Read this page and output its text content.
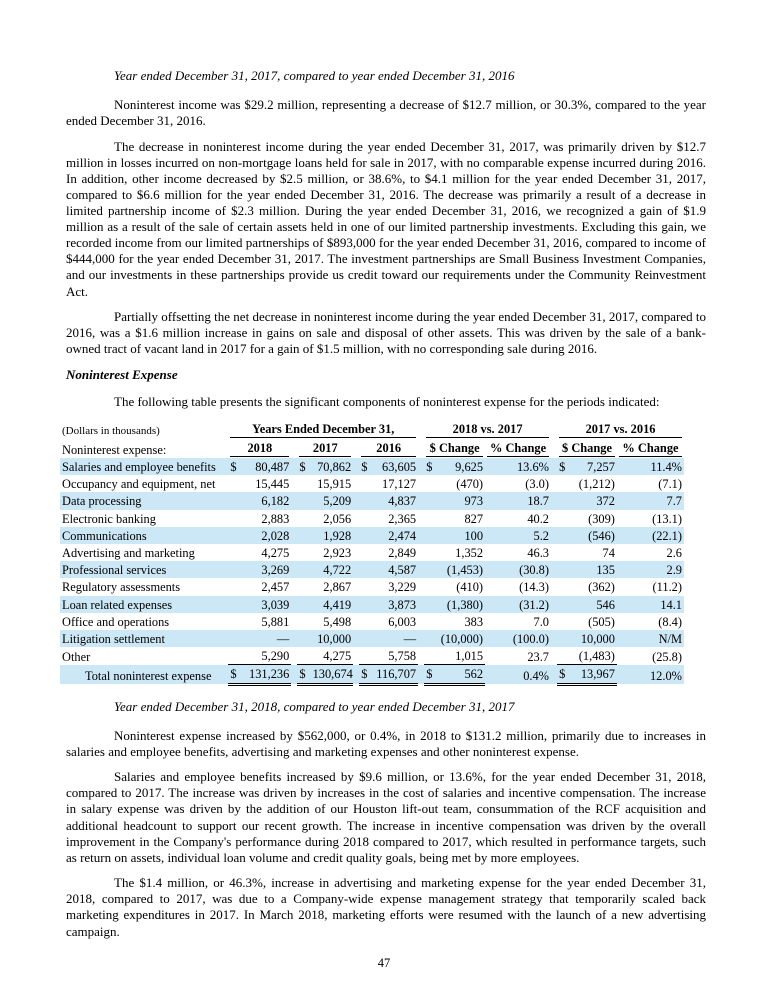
Year ended December 31, 2017, compared to year ended December 31, 2016

Noninterest income was $29.2 million, representing a decrease of $12.7 million, or 30.3%, compared to the year ended December 31, 2016.

The decrease in noninterest income during the year ended December 31, 2017, was primarily driven by $12.7 million in losses incurred on non-mortgage loans held for sale in 2017, with no comparable expense incurred during 2016. In addition, other income decreased by $2.5 million, or 38.6%, to $4.1 million for the year ended December 31, 2017, compared to $6.6 million for the year ended December 31, 2016. The decrease was primarily a result of a decrease in limited partnership income of $2.3 million. During the year ended December 31, 2016, we recognized a gain of $1.9 million as a result of the sale of certain assets held in one of our limited partnership investments. Excluding this gain, we recorded income from our limited partnerships of $893,000 for the year ended December 31, 2016, compared to income of $444,000 for the year ended December 31, 2017. The investment partnerships are Small Business Investment Companies, and our investments in these partnerships provide us credit toward our requirements under the Community Reinvestment Act.

Partially offsetting the net decrease in noninterest income during the year ended December 31, 2017, compared to 2016, was a $1.6 million increase in gains on sale and disposal of other assets. This was driven by the sale of a bank-owned tract of vacant land in 2017 for a gain of $1.5 million, with no corresponding sale during 2016.

Noninterest Expense

The following table presents the significant components of noninterest expense for the periods indicated:

(Dollars in thousands)	Years Ended December 31,									2018 vs. 2017				2017 vs. 2016		

Noninterest expense:	2018			2017			2016			$ Change		% Change		$ Change		% Change

Salaries and employee benefits	$	80,487		$	70,862		$	63,605		$	9,625	13.6%		$	7,257	11.4%
Occupancy and equipment, net		15,445			15,915			17,127			(470)	(3.0)			(1,212)	(7.1)
Data processing		6,182			5,209			4,837			973	18.7			372	7.7
Electronic banking		2,883			2,056			2,365			827	40.2			(309)	(13.1)
Communications		2,028			1,928			2,474			100	5.2			(546)	(22.1)
Advertising and marketing		4,275			2,923			2,849			1,352	46.3			74	2.6
Professional services		3,269			4,722			4,587			(1,453)	(30.8)			135	2.9
Regulatory assessments		2,457			2,867			3,229			(410)	(14.3)			(362)	(11.2)
Loan related expenses		3,039			4,419			3,873			(1,380)	(31.2)			546	14.1
Office and operations		5,881			5,498			6,003			383	7.0			(505)	(8.4)
Litigation settlement		—			10,000			—			(10,000)	(100.0)			10,000	N/M
Other		5,290			4,275			5,758			1,015	23.7			(1,483)	(25.8)
Total noninterest expense	$	131,236		$	130,674		$	116,707		$	562	0.4%		$	13,967	12.0%
Year ended December 31, 2018, compared to year ended December 31, 2017

Noninterest expense increased by $562,000, or 0.4%, in 2018 to $131.2 million, primarily due to increases in salaries and employee benefits, advertising and marketing expenses and other noninterest expense.

Salaries and employee benefits increased by $9.6 million, or 13.6%, for the year ended December 31, 2018, compared to 2017. The increase was driven by increases in the cost of salaries and incentive compensation. The increase in salary expense was driven by the addition of our Houston lift-out team, consummation of the RCF acquisition and additional headcount to support our recent growth. The increase in incentive compensation was driven by the overall improvement in the Company's performance during 2018 compared to 2017, which resulted in performance targets, such as return on assets, individual loan volume and credit quality goals, being met by more employees.

The $1.4 million, or 46.3%, increase in advertising and marketing expense for the year ended December 31, 2018, compared to 2017, was due to a Company-wide expense management strategy that temporarily scaled back marketing expenditures in 2017. In March 2018, marketing efforts were resumed with the launch of a new advertising campaign.

47
